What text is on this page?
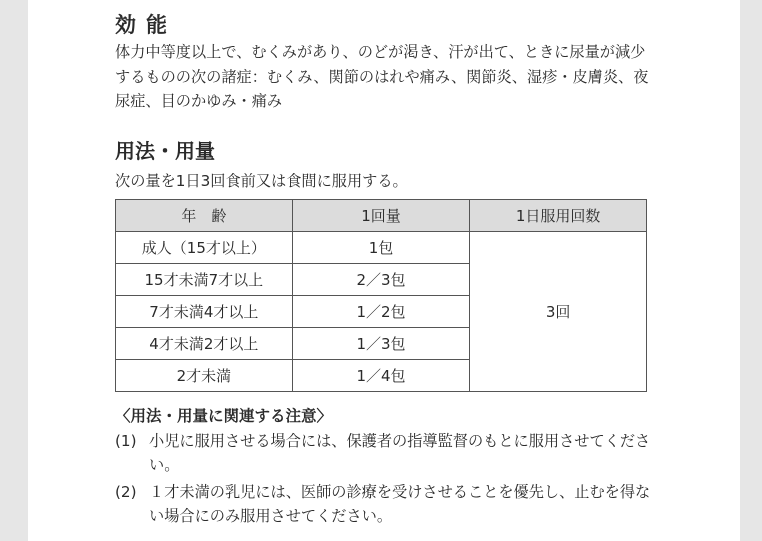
効能

体力中等度以上で、むくみがあり、のどが渇き、汗が出て、ときに尿量が減少するものの次の諸症：むくみ、関節のはれや痛み、関節炎、湿疹・皮膚炎、夜尿症、目のかゆみ・痛み

用法・用量

次の量を1日3回食前又は食間に服用する。

年　齢	1回量	1日服用回数
成人（15才以上）	1包	3回
15才未満7才以上	2／3包	
7才未満4才以上	1／2包	
4才未満2才以上	1／3包	
2才未満	1／4包	
〈用法・用量に関連する注意〉
(1) 小児に服用させる場合には、保護者の指導監督のもとに服用させてください。
(2) １才未満の乳児には、医師の診療を受けさせることを優先し、止むを得ない場合にのみ服用させてください。
